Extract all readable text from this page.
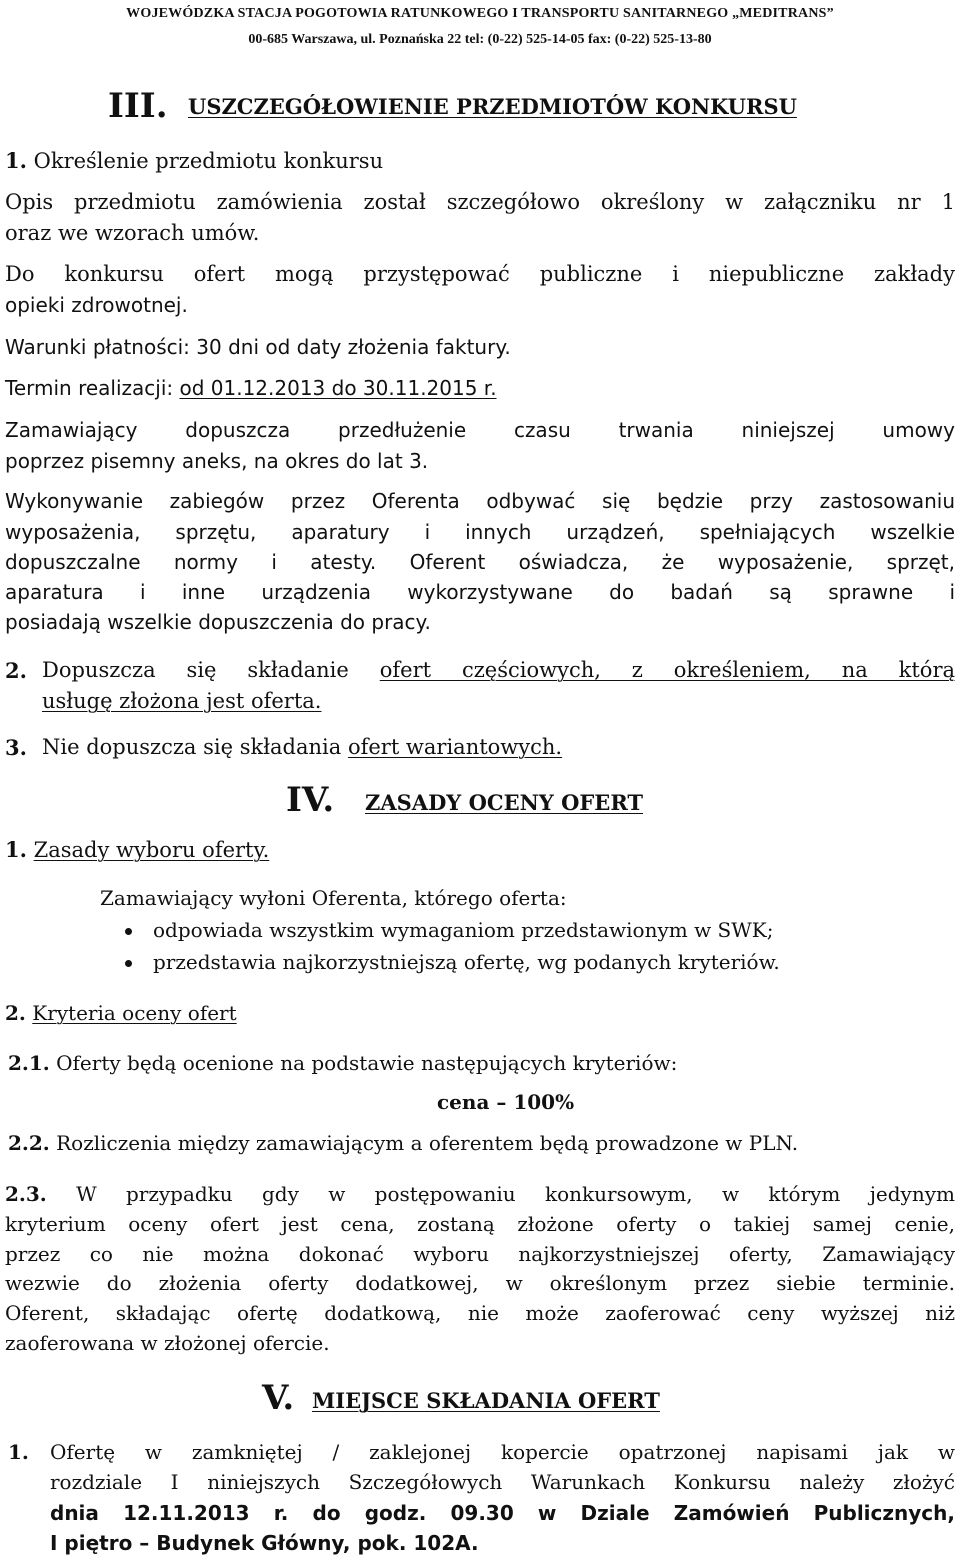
WOJEWÓDZKA STACJA POGOTOWIA RATUNKOWEGO I TRANSPORTU SANITARNEGO „MEDITRANS”
00-685 Warszawa, ul. Poznańska 22 tel: (0-22) 525-14-05 fax: (0-22) 525-13-80
III. USZCZEGÓŁOWIENIE PRZEDMIOTÓW KONKURSU
1. Określenie przedmiotu konkursu
Opis przedmiotu zamówienia został szczegółowo określony w załączniku nr 1
oraz we wzorach umów.
Do konkursu ofert mogą przystępować publiczne i niepubliczne zakłady
opieki zdrowotnej.
Warunki płatności: 30 dni od daty złożenia faktury.
Termin realizacji: od 01.12.2013 do 30.11.2015 r.
Zamawiający dopuszcza przedłużenie czasu trwania niniejszej umowy
poprzez pisemny aneks, na okres do lat 3.
Wykonywanie zabiegów przez Oferenta odbywać się będzie przy zastosowaniu
wyposażenia, sprzętu, aparatury i innych urządzeń, spełniających wszelkie
dopuszczalne normy i atesty. Oferent oświadcza, że wyposażenie, sprzęt,
aparatura i inne urządzenia wykorzystywane do badań są sprawne i
posiadają wszelkie dopuszczenia do pracy.
2. Dopuszcza się składanie ofert częściowych, z określeniem, na którą
usługę złożona jest oferta.
3. Nie dopuszcza się składania ofert wariantowych.
IV.	ZASADY OCENY OFERT
1. Zasady wyboru oferty.
Zamawiający wyłoni Oferenta, którego oferta:
odpowiada wszystkim wymaganiom przedstawionym w SWK;
przedstawia najkorzystniejszą ofertę, wg podanych kryteriów.
2. Kryteria oceny ofert
2.1. Oferty będą ocenione na podstawie następujących kryteriów:
cena – 100%
2.2. Rozliczenia między zamawiającym a oferentem będą prowadzone w PLN.
2.3. W przypadku gdy w postępowaniu konkursowym, w którym jedynym
kryterium oceny ofert jest cena, zostaną złożone oferty o takiej samej cenie,
przez co nie można dokonać wyboru najkorzystniejszej oferty, Zamawiający
wezwie do złożenia oferty dodatkowej, w określonym przez siebie terminie.
Oferent, składając ofertę dodatkową, nie może zaoferować ceny wyższej niż
zaoferowana w złożonej ofercie.
V. MIEJSCE SKŁADANIA OFERT
1.	Ofertę w zamkniętej / zaklejonej kopercie opatrzonej napisami jak w
rozdziale I niniejszych Szczegółowych Warunkach Konkursu należy złożyć
dnia 12.11.2013 r. do godz. 09.30 w Dziale Zamówień Publicznych,
I piętro – Budynek Główny, pok. 102A.
